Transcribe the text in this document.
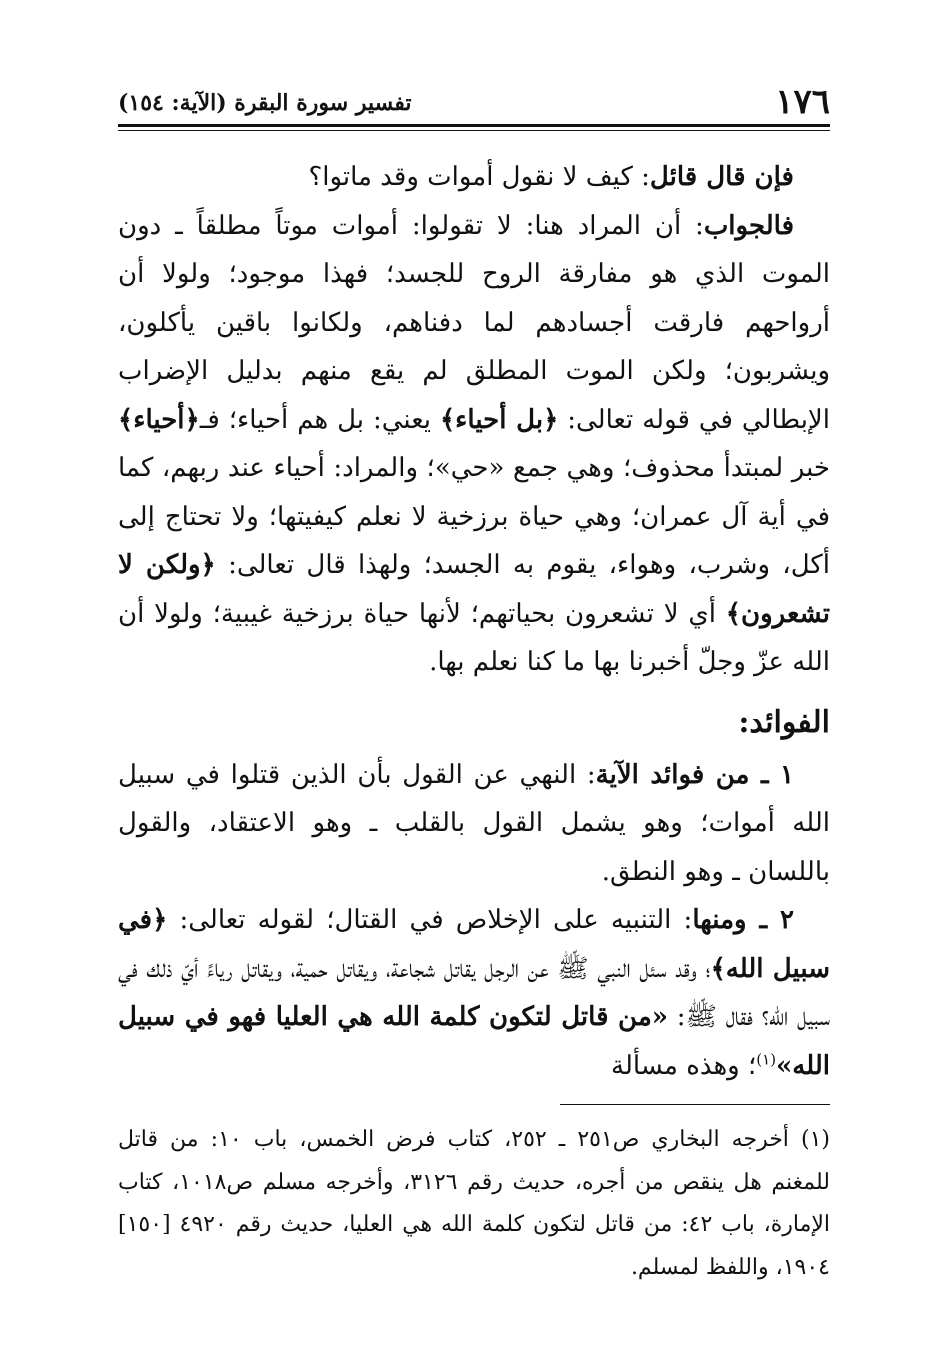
١٧٦
تفسير سورة البقرة (الآية: ١٥٤)

فإن قال قائل: كيف لا نقول أموات وقد ماتوا؟

فالجواب: أن المراد هنا: لا تقولوا: أموات موتاً مطلقاً ـ دون الموت الذي هو مفارقة الروح للجسد؛ فهذا موجود؛ ولولا أن أرواحهم فارقت أجسادهم لما دفناهم، ولكانوا باقين يأكلون، ويشربون؛ ولكن الموت المطلق لم يقع منهم بدليل الإضراب الإبطالي في قوله تعالى: ﴿بل أحياء﴾ يعني: بل هم أحياء؛ فـ﴿أحياء﴾ خبر لمبتدأ محذوف؛ وهي جمع «حي»؛ والمراد: أحياء عند ربهم، كما في أية آل عمران؛ وهي حياة برزخية لا نعلم كيفيتها؛ ولا تحتاج إلى أكل، وشرب، وهواء، يقوم به الجسد؛ ولهذا قال تعالى: ﴿ولكن لا تشعرون﴾ أي لا تشعرون بحياتهم؛ لأنها حياة برزخية غيبية؛ ولولا أن الله عزّ وجلّ أخبرنا بها ما كنا نعلم بها.

الفوائد:

١ ـ من فوائد الآية: النهي عن القول بأن الذين قتلوا في سبيل الله أموات؛ وهو يشمل القول بالقلب ـ وهو الاعتقاد، والقول باللسان ـ وهو النطق.

٢ ـ ومنها: التنبيه على الإخلاص في القتال؛ لقوله تعالى: ﴿في سبيل الله﴾؛ وقد سئل النبي ﷺ عن الرجل يقاتل شجاعة، ويقاتل حمية، ويقاتل رياءً أيّ ذلك في سبيل الله؟ فقال ﷺ: «من قاتل لتكون كلمة الله هي العليا فهو في سبيل الله»$^{(١)}$؛ وهذه مسألة

(١) أخرجه البخاري ص٢٥١ ـ ٢٥٢، كتاب فرض الخمس، باب ١٠: من قاتل للمغنم هل ينقص من أجره، حديث رقم ٣١٢٦، وأخرجه مسلم ص١٠١٨، كتاب الإمارة، باب ٤٢: من قاتل لتكون كلمة الله هي العليا، حديث رقم ٤٩٢٠ [١٥٠] ١٩٠٤، واللفظ لمسلم.
